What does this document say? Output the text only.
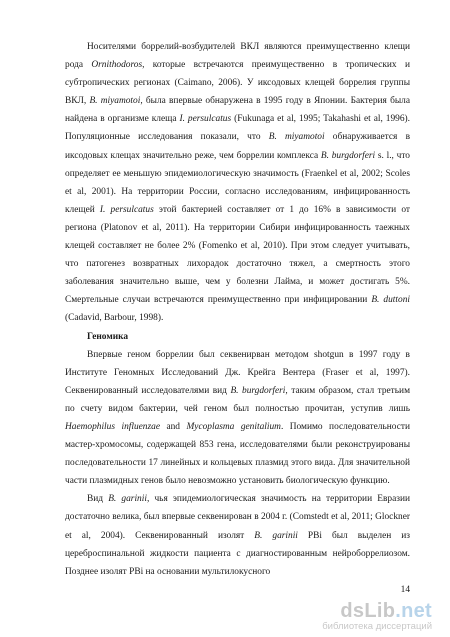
Носителями боррелий-возбудителей ВКЛ являются преимущественно клещи рода Ornithodoros, которые встречаются преимущественно в тропических и субтропических регионах (Caimano, 2006). У иксодовых клещей боррелия группы ВКЛ, B. miyamotoi, была впервые обнаружена в 1995 году в Японии. Бактерия была найдена в организме клеща I. persulcatus (Fukunaga et al, 1995; Takahashi et al, 1996). Популяционные исследования показали, что B. miyamotoi обнаруживается в иксодовых клещах значительно реже, чем боррелии комплекса B. burgdorferi s. l., что определяет ее меньшую эпидемиологическую значимость (Fraenkel et al, 2002; Scoles et al, 2001). На территории России, согласно исследованиям, инфицированность клещей I. persulcatus этой бактерией составляет от 1 до 16% в зависимости от региона (Platonov et al, 2011). На территории Сибири инфицированность таежных клещей составляет не более 2% (Fomenko et al, 2010). При этом следует учитывать, что патогенез возвратных лихорадок достаточно тяжел, а смертность этого заболевания значительно выше, чем у болезни Лайма, и может достигать 5%. Смертельные случаи встречаются преимущественно при инфицировании B. duttoni (Cadavid, Barbour, 1998).

Геномика

Впервые геном боррелии был секвенирван методом shotgun в 1997 году в Институте Геномных Исследований Дж. Крейга Вентера (Fraser et al, 1997). Секвенированный исследователями вид B. burgdorferi, таким образом, стал третьим по счету видом бактерии, чей геном был полностью прочитан, уступив лишь Haemophilus influenzae and Mycoplasma genitalium. Помимо последовательности мастер-хромосомы, содержащей 853 гена, исследователями были реконструированы последовательности 17 линейных и кольцевых плазмид этого вида. Для значительной части плазмидных генов было невозможно установить биологическую функцию.

Вид B. garinii, чья эпидемиологическая значимость на территории Евразии достаточно велика, был впервые секвенирован в 2004 г. (Comstedt et al, 2011; Glockner et al, 2004). Секвенированный изолят B. garinii PBi был выделен из цереброспинальной жидкости пациента с диагностированным нейроборрелиозом. Позднее изолят PBi на основании мультилокусного

14
dsLib.net
библиотека диссертаций
